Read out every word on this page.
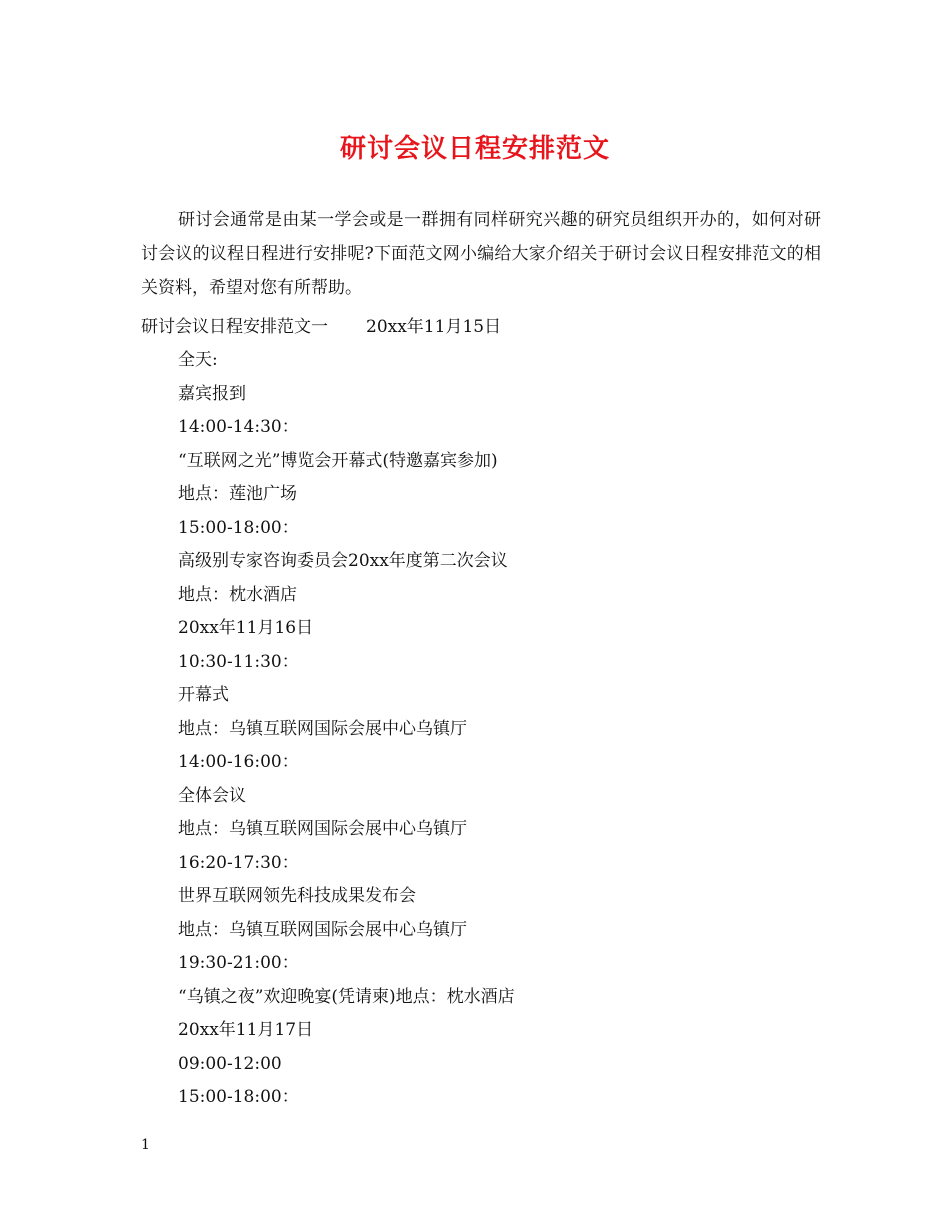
研讨会议日程安排范文
研讨会通常是由某一学会或是一群拥有同样研究兴趣的研究员组织开办的，如何对研讨会议的议程日程进行安排呢?下面范文网小编给大家介绍关于研讨会议日程安排范文的相关资料，希望对您有所帮助。
研讨会议日程安排范文一 20xx年11月15日
全天:
嘉宾报到
14:00-14:30：
“互联网之光”博览会开幕式(特邀嘉宾参加)
地点：莲池广场
15:00-18:00：
高级别专家咨询委员会20xx年度第二次会议
地点：枕水酒店
20xx年11月16日
10:30-11:30：
开幕式
地点：乌镇互联网国际会展中心乌镇厅
14:00-16:00：
全体会议
地点：乌镇互联网国际会展中心乌镇厅
16:20-17:30：
世界互联网领先科技成果发布会
地点：乌镇互联网国际会展中心乌镇厅
19:30-21:00：
“乌镇之夜”欢迎晚宴(凭请柬)地点：枕水酒店
20xx年11月17日
09:00-12:00
15:00-18:00：
1
